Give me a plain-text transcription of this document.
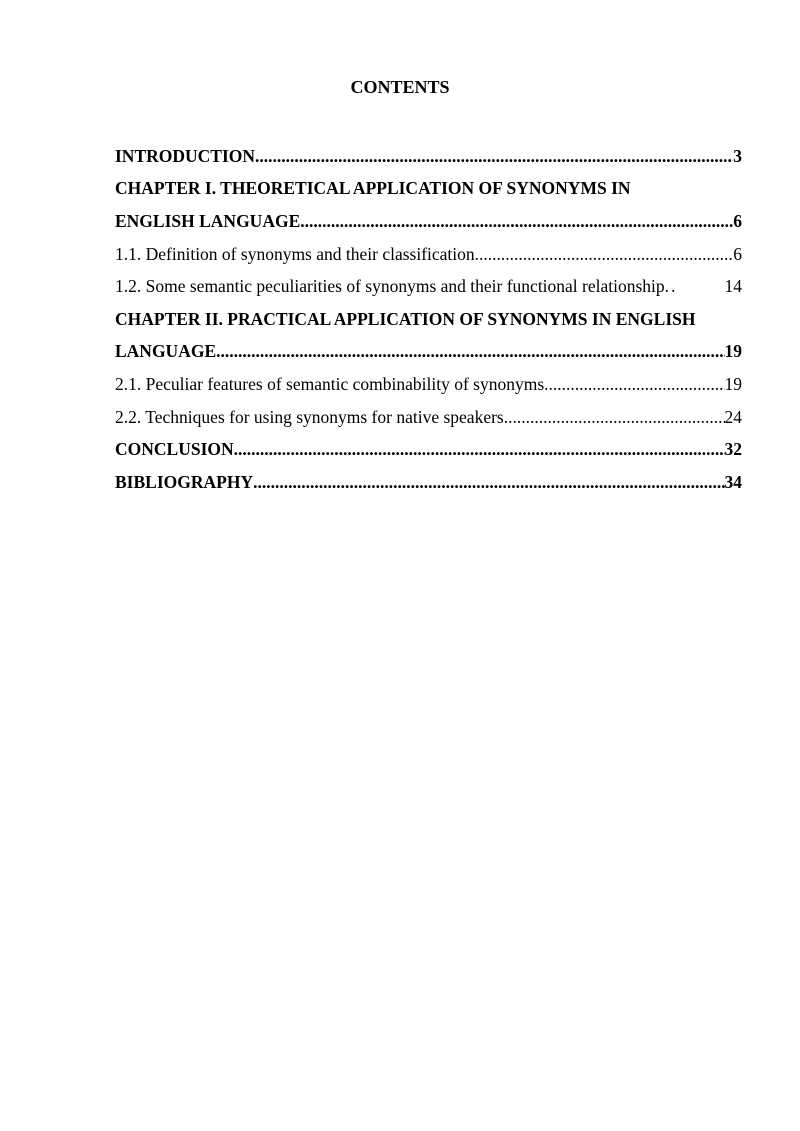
CONTENTS
INTRODUCTION .....	3
CHAPTER I. THEORETICAL APPLICATION OF SYNONYMS IN
ENGLISH LANGUAGE .....	6
1.1. Definition of synonyms and their classification .....	6
1.2. Some semantic peculiarities of synonyms and their functional relationship ..	14
CHAPTER II. PRACTICAL APPLICATION OF SYNONYMS IN ENGLISH
LANGUAGE .....	19
2.1. Peculiar features of semantic combinability of synonyms .....	19
2.2. Techniques for using synonyms for native speakers .....	24
CONCLUSION .....	32
BIBLIOGRAPHY .....	34
